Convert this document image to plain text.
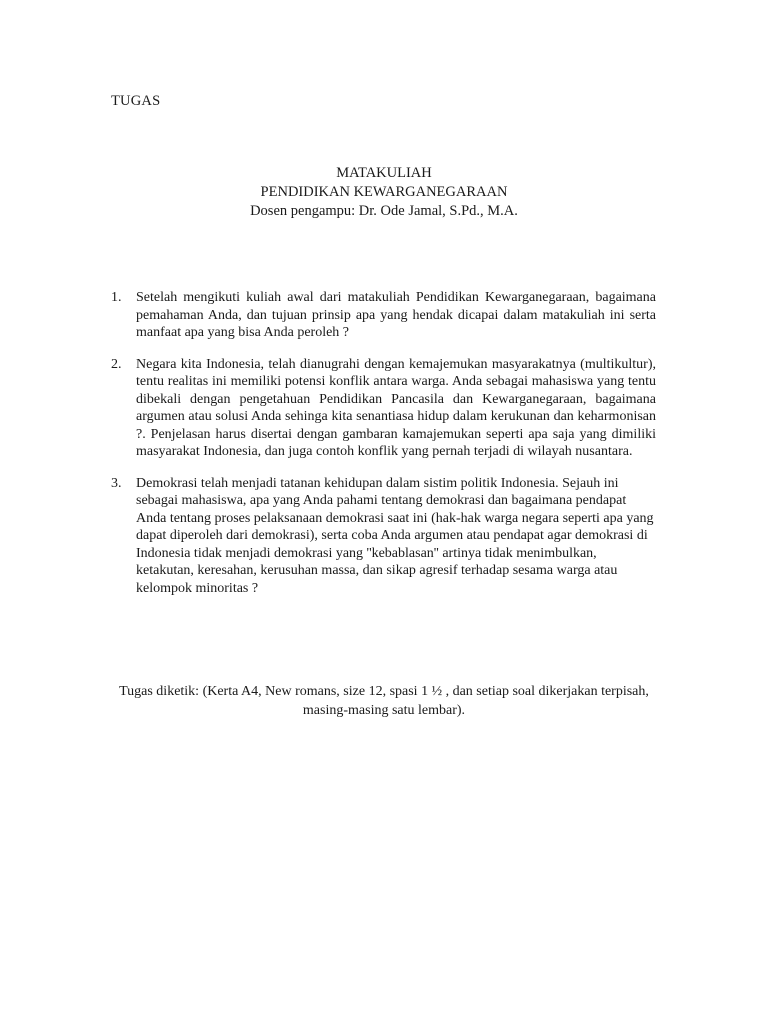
TUGAS
MATAKULIAH
PENDIDIKAN KEWARGANEGARAAN
Dosen pengampu: Dr. Ode Jamal, S.Pd., M.A.
1. Setelah mengikuti kuliah awal dari matakuliah Pendidikan Kewarganegaraan, bagaimana pemahaman Anda, dan tujuan prinsip apa yang hendak dicapai dalam matakuliah ini serta manfaat apa yang bisa Anda peroleh ?
2. Negara kita Indonesia, telah dianugrahi dengan kemajemukan masyarakatnya (multikultur), tentu realitas ini memiliki potensi konflik antara warga. Anda sebagai mahasiswa yang tentu dibekali dengan pengetahuan Pendidikan Pancasila dan Kewarganegaraan, bagaimana argumen atau solusi Anda sehinga kita senantiasa hidup dalam kerukunan dan keharmonisan ?. Penjelasan harus disertai dengan gambaran kamajemukan seperti apa saja yang dimiliki masyarakat Indonesia, dan juga contoh konflik yang pernah terjadi di wilayah nusantara.
3. Demokrasi telah menjadi tatanan kehidupan dalam sistim politik Indonesia. Sejauh ini sebagai mahasiswa, apa yang Anda pahami tentang demokrasi dan bagaimana pendapat Anda tentang proses pelaksanaan demokrasi saat ini (hak-hak warga negara seperti apa yang dapat diperoleh dari demokrasi), serta coba Anda argumen atau pendapat agar demokrasi di Indonesia tidak menjadi demokrasi yang ''kebablasan'' artinya tidak menimbulkan, ketakutan, keresahan, kerusuhan massa, dan sikap agresif terhadap sesama warga atau kelompok minoritas ?
Tugas diketik: (Kerta A4, New romans, size 12, spasi 1 ½ , dan setiap soal dikerjakan terpisah, masing-masing satu lembar).
